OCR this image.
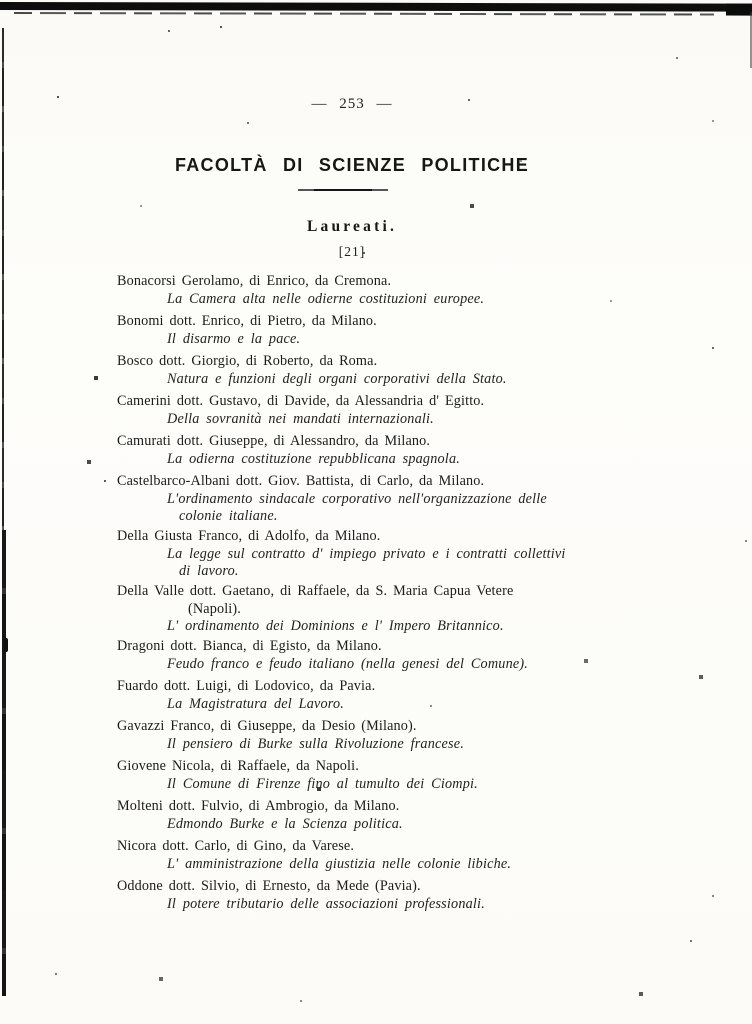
— 253 —
FACOLTÀ DI SCIENZE POLITICHE
Laureati.
[21]
Bonacorsi Gerolamo, di Enrico, da Cremona.
La Camera alta nelle odierne costituzioni europee.
Bonomi dott. Enrico, di Pietro, da Milano.
Il disarmo e la pace.
Bosco dott. Giorgio, di Roberto, da Roma.
Natura e funzioni degli organi corporativi della Stato.
Camerini dott. Gustavo, di Davide, da Alessandria d' Egitto.
Della sovranità nei mandati internazionali.
Camurati dott. Giuseppe, di Alessandro, da Milano.
La odierna costituzione repubblicana spagnola.
Castelbarco-Albani dott. Giov. Battista, di Carlo, da Milano.
L'ordinamento sindacale corporativo nell'organizzazione delle
colonie italiane.
Della Giusta Franco, di Adolfo, da Milano.
La legge sul contratto d' impiego privato e i contratti collettivi
di lavoro.
Della Valle dott. Gaetano, di Raffaele, da S. Maria Capua Vetere
(Napoli).
L' ordinamento dei Dominions e l' Impero Britannico.
Dragoni dott. Bianca, di Egisto, da Milano.
Feudo franco e feudo italiano (nella genesi del Comune).
Fuardo dott. Luigi, di Lodovico, da Pavia.
La Magistratura del Lavoro.
Gavazzi Franco, di Giuseppe, da Desio (Milano).
Il pensiero di Burke sulla Rivoluzione francese.
Giovene Nicola, di Raffaele, da Napoli.
Il Comune di Firenze fino al tumulto dei Ciompi.
Molteni dott. Fulvio, di Ambrogio, da Milano.
Edmondo Burke e la Scienza politica.
Nicora dott. Carlo, di Gino, da Varese.
L' amministrazione della giustizia nelle colonie libiche.
Oddone dott. Silvio, di Ernesto, da Mede (Pavia).
Il potere tributario delle associazioni professionali.
